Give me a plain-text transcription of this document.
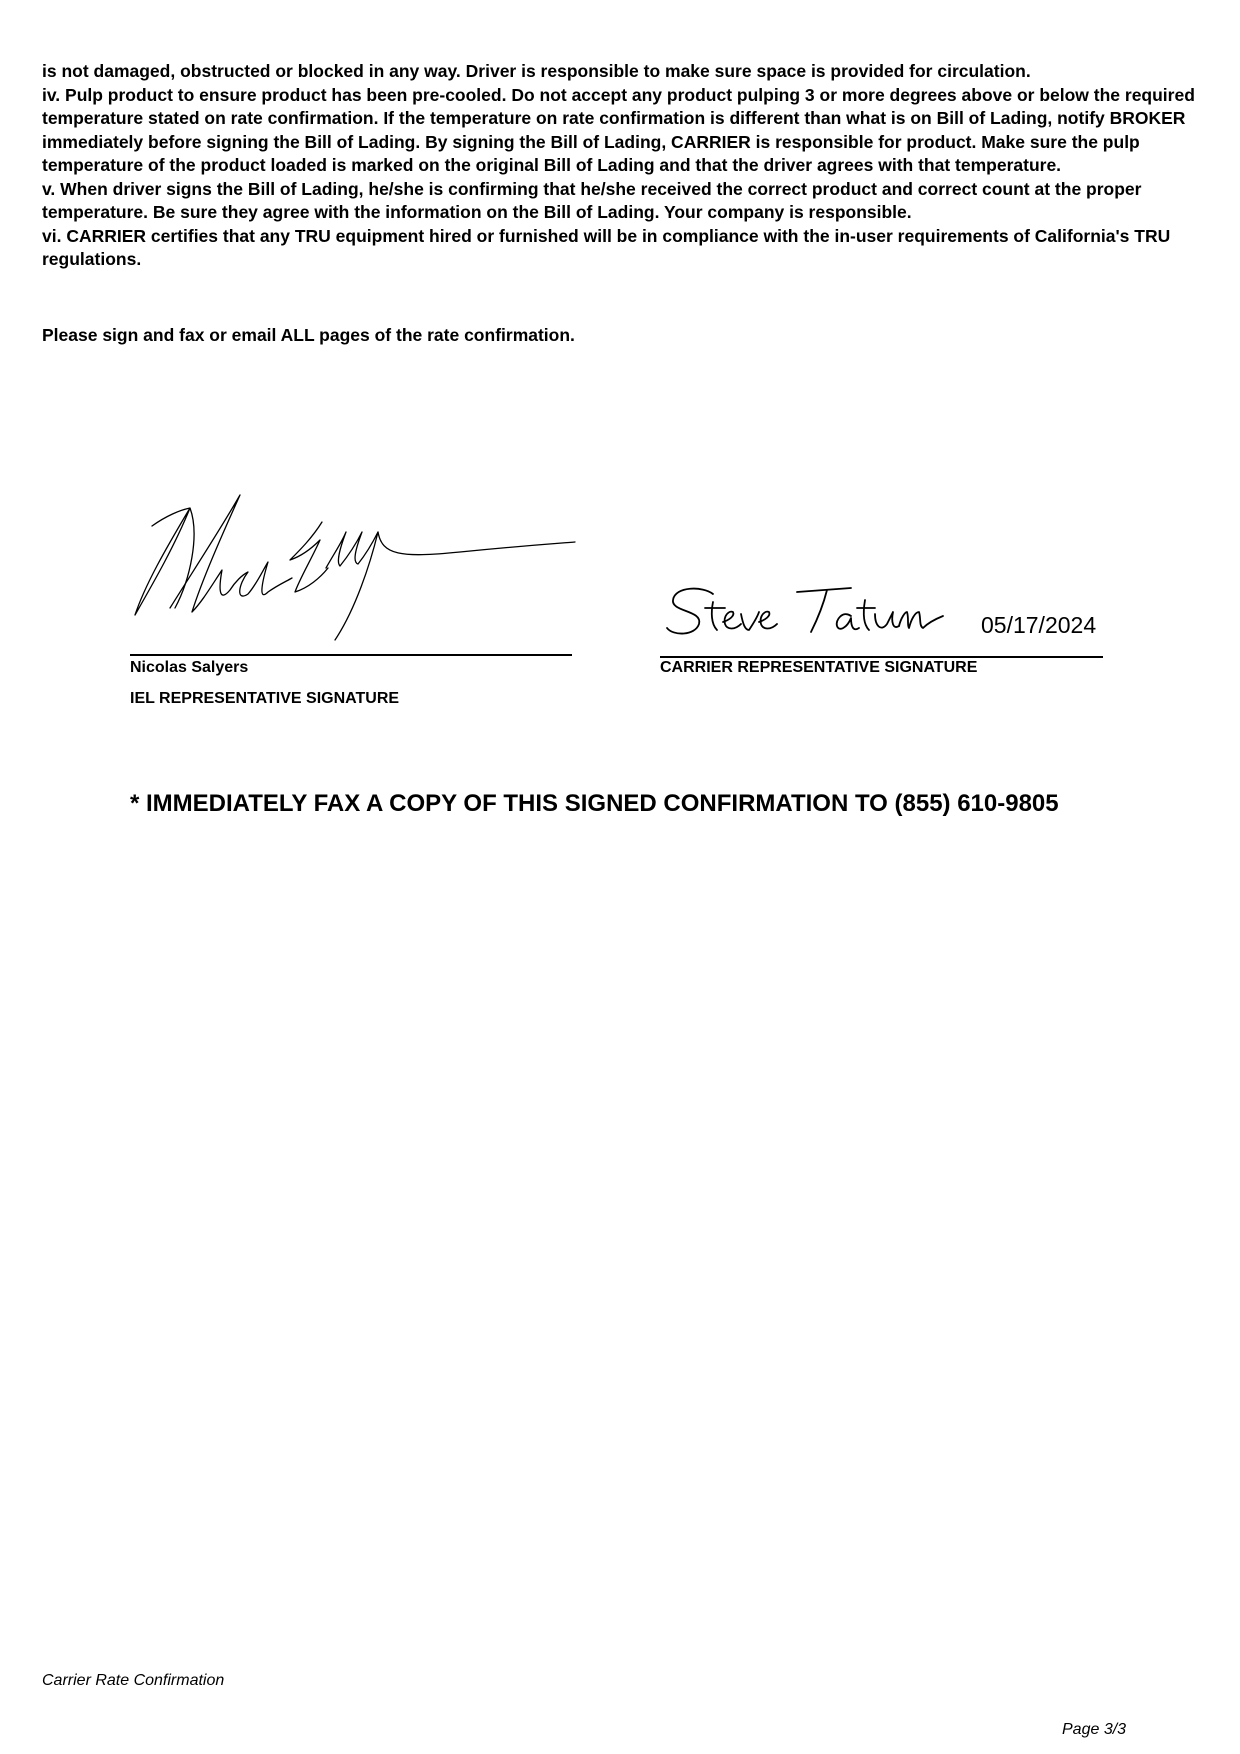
is not damaged, obstructed or blocked in any way. Driver is responsible to make sure space is provided for circulation.

iv. Pulp product to ensure product has been pre-cooled. Do not accept any product pulping 3 or more degrees above or below the required temperature stated on rate confirmation. If the temperature on rate confirmation is different than what is on Bill of Lading, notify BROKER immediately before signing the Bill of Lading. By signing the Bill of Lading, CARRIER is responsible for product. Make sure the pulp temperature of the product loaded is marked on the original Bill of Lading and that the driver agrees with that temperature.

v. When driver signs the Bill of Lading, he/she is confirming that he/she received the correct product and correct count at the proper temperature. Be sure they agree with the information on the Bill of Lading. Your company is responsible.

vi. CARRIER certifies that any TRU equipment hired or furnished will be in compliance with the in-user requirements of California's TRU regulations.

Please sign and fax or email ALL pages of the rate confirmation.
Nicolas Salyers
IEL REPRESENTATIVE SIGNATURE
05/17/2024
CARRIER REPRESENTATIVE SIGNATURE
* IMMEDIATELY FAX A COPY OF THIS SIGNED CONFIRMATION TO (855) 610-9805
Carrier Rate Confirmation
Page 3/3
